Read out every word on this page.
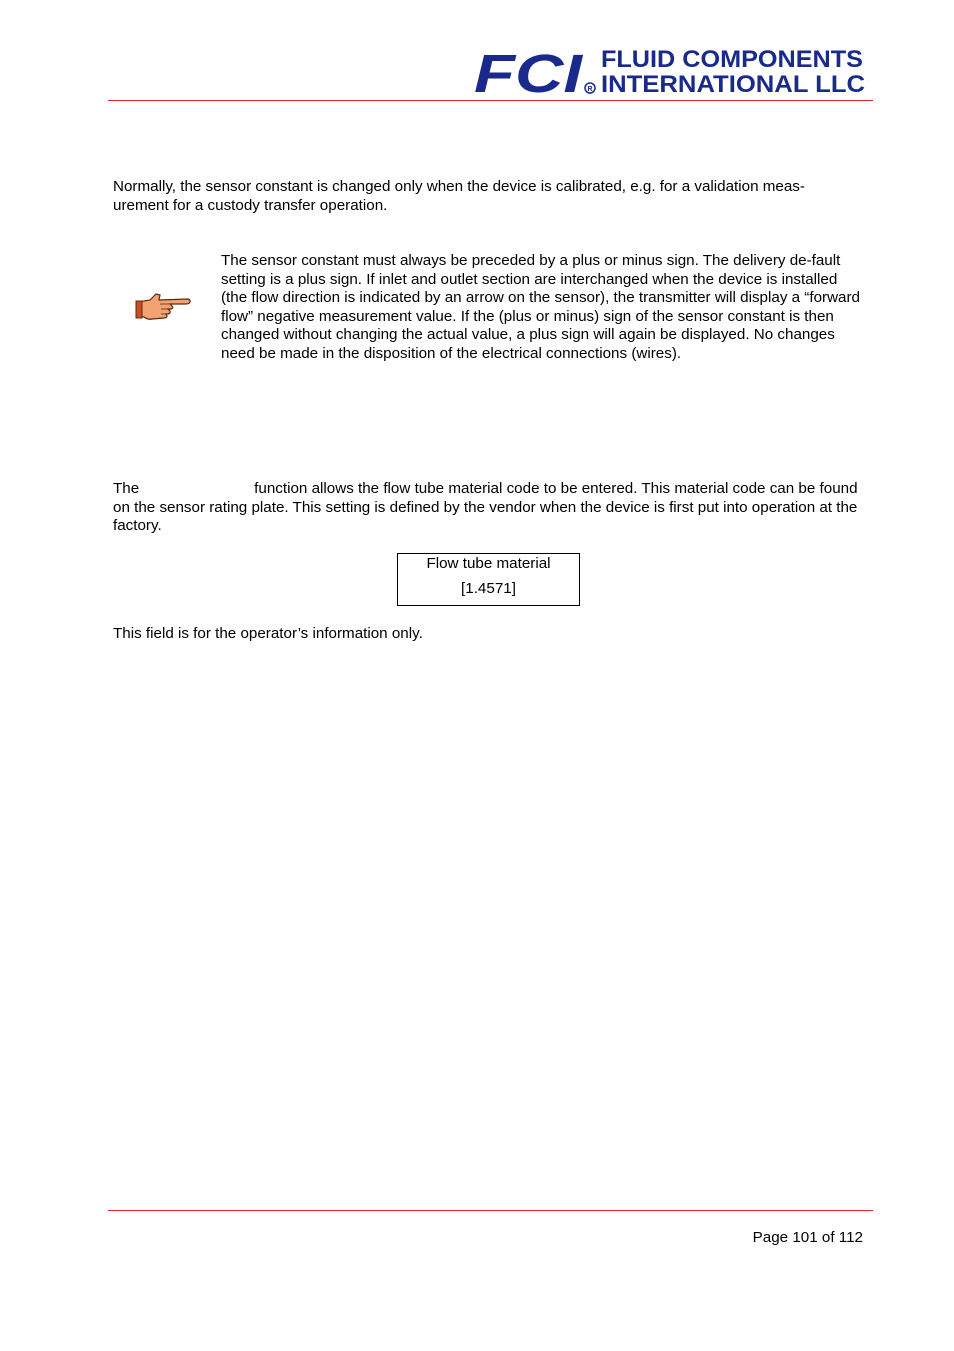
FCI R
FLUID COMPONENTS
INTERNATIONAL LLC

Normally, the sensor constant is changed only when the device is calibrated, e.g. for a validation meas-urement for a custody transfer operation.

The sensor constant must always be preceded by a plus or minus sign. The delivery de-fault setting is a plus sign. If inlet and outlet section are interchanged when the device is installed (the flow direction is indicated by an arrow on the sensor), the transmitter will display a “forward flow” negative measurement value. If the (plus or minus) sign of the sensor constant is then changed without changing the actual value, a plus sign will again be displayed. No changes need be made in the disposition of the electrical connections (wires).

The	function allows the flow tube material code to be entered. This material code can be found on the sensor rating plate. This setting is defined by the vendor when the device is first put into operation at the factory.

Flow tube material
[1.4571]

This field is for the operator’s information only.

Page 101 of 112
